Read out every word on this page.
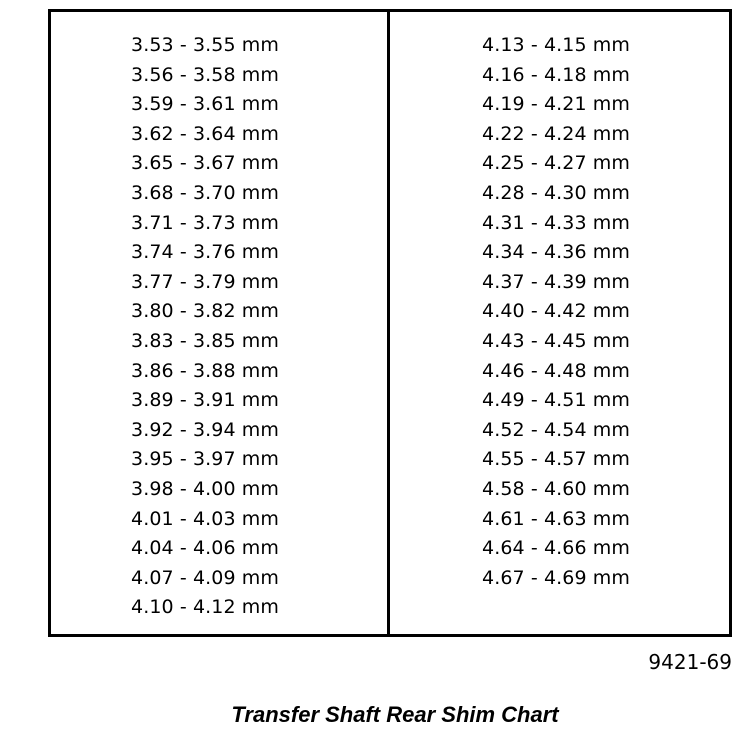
3.53 - 3.55 mm
3.56 - 3.58 mm
3.59 - 3.61 mm
3.62 - 3.64 mm
3.65 - 3.67 mm
3.68 - 3.70 mm
3.71 - 3.73 mm
3.74 - 3.76 mm
3.77 - 3.79 mm
3.80 - 3.82 mm
3.83 - 3.85 mm
3.86 - 3.88 mm
3.89 - 3.91 mm
3.92 - 3.94 mm
3.95 - 3.97 mm
3.98 - 4.00 mm
4.01 - 4.03 mm
4.04 - 4.06 mm
4.07 - 4.09 mm
4.10 - 4.12 mm
4.13 - 4.15 mm
4.16 - 4.18 mm
4.19 - 4.21 mm
4.22 - 4.24 mm
4.25 - 4.27 mm
4.28 - 4.30 mm
4.31 - 4.33 mm
4.34 - 4.36 mm
4.37 - 4.39 mm
4.40 - 4.42 mm
4.43 - 4.45 mm
4.46 - 4.48 mm
4.49 - 4.51 mm
4.52 - 4.54 mm
4.55 - 4.57 mm
4.58 - 4.60 mm
4.61 - 4.63 mm
4.64 - 4.66 mm
4.67 - 4.69 mm
9421-69
Transfer Shaft Rear Shim Chart
